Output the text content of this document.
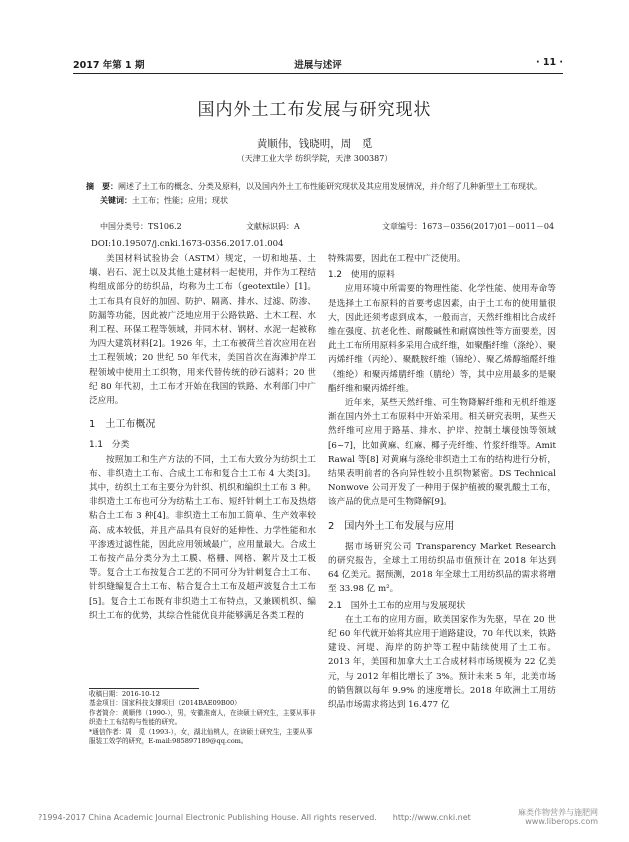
2017 年第 1 期	进展与述评	· 11 ·
国内外土工布发展与研究现状
黄顺伟，钱晓明，周　觅
（天津工业大学 纺织学院，天津 300387）
摘　要：阐述了土工布的概念、分类及原料，以及国内外土工布性能研究现状及其应用发展情况，并介绍了几种新型土工布现状。
关键词：土工布；性能；应用；现状
中国分类号：TS106.2	文献标识码：A	文章编号：1673－0356(2017)01－0011－04
DOI:10.19507/j.cnki.1673-0356.2017.01.004

美国材料试验协会（ASTM）规定，一切和地基、土壤、岩石、泥土以及其他土建材料一起使用，并作为工程结构组成部分的纺织品，均称为土工布（geotextile）[1]。土工布具有良好的加固、防护、隔离、排水、过滤、防渗、防漏等功能，因此被广泛地应用于公路铁路、土木工程、水利工程、环保工程等领域，并同木材、钢材、水泥一起被称为四大建筑材料[2]。1926 年，土工布被荷兰首次应用在岩土工程领域；20 世纪 50 年代末，美国首次在海滩护岸工程领域中使用土工织物，用来代替传统的砂石滤料；20 世纪 80 年代初，土工布才开始在我国的铁路、水利部门中广泛应用。

1　土工布概况
1.1　分类

按照加工和生产方法的不同，土工布大致分为纺织土工布、非织造土工布、合成土工布和复合土工布 4 大类[3]。其中，纺织土工布主要分为针织、机织和编织土工布 3 种。非织造土工布也可分为纺粘土工布、短纤针刺土工布及热熔粘合土工布 3 种[4]。非织造土工布加工简单、生产效率较高、成本较低，并且产品具有良好的延伸性、力学性能和水平渗透过滤性能，因此应用领域最广，应用量最大。合成土工布按产品分类分为土工膜、格栅、网格、絮片及土工板等。复合土工布按复合工艺的不同可分为针刺复合土工布、针织缝编复合土工布、粘合复合土工布及超声波复合土工布[5]。复合土工布既有非织造土工布特点，又兼顾机织、编织土工布的优势，其综合性能优良并能够满足各类工程的

特殊需要，因此在工程中广泛使用。

1.2　使用的原料

应用环境中所需要的物理性能、化学性能、使用寿命等是选择土工布原料的首要考虑因素，由于土工布的使用量很大，因此还须考虑到成本，一般而言，天然纤维相比合成纤维在强度、抗老化性、耐酸碱性和耐腐蚀性等方面要差，因此土工布所用原料多采用合成纤维，如聚酯纤维（涤纶）、聚丙烯纤维（丙纶）、聚酰胺纤维（锦纶）、聚乙烯醇缩醛纤维（维纶）和聚丙烯腈纤维（腈纶）等，其中应用最多的是聚酯纤维和聚丙烯纤维。

近年来，某些天然纤维、可生物降解纤维和无机纤维逐渐在国内外土工布原料中开始采用。相关研究表明，某些天然纤维可应用于路基、排水、护岸、控制土壤侵蚀等领域[6~7]，比如黄麻、红麻、椰子壳纤维、竹浆纤维等。Amit Rawal 等[8] 对黄麻与涤纶非织造土工布的结构进行分析，结果表明前者的各向异性较小且织物紧密。DS Technical Nonwove 公司开发了一种用于保护植被的聚乳酸土工布，该产品的优点是可生物降解[9]。

2　国内外土工布发展与应用

据市场研究公司 Transparency Market Research 的研究报告，全球土工用纺织品市值预计在 2018 年达到 64 亿美元。据预测，2018 年全球土工用纺织品的需求将增至 33.98 亿 m²。

2.1　国外土工布的应用与发展现状

在土工布的应用方面，欧美国家作为先驱，早在 20 世纪 60 年代就开始将其应用于道路建设，70 年代以来，铁路建设、河堤、海岸的防护等工程中陆续使用了土工布。2013 年，美国和加拿大土工合成材料市场规模为 22 亿美元，与 2012 年相比增长了 3%。预计未来 5 年，北美市场的销售额以每年 9.9% 的速度增长。2018 年欧洲土工用纺织品市场需求将达到 16.477 亿

收稿日期：2016-10-12
基金项目：国家科技支撑项目（2014BAE09B00）
作者简介：黄顺伟（1990-），男，安徽淮南人，在读硕士研究生，主要从事非织造土工布结构与性能的研究。
*通信作者：周　觅（1993-），女，湖北仙桃人，在读硕士研究生，主要从事服装工效学的研究，E-mail:985897189@qq.com。
?1994-2017 China Academic Journal Electronic Publishing House. All rights reserved.　　http://www.cnki.net
麻类作物营养与施肥网
www.liberops.com
